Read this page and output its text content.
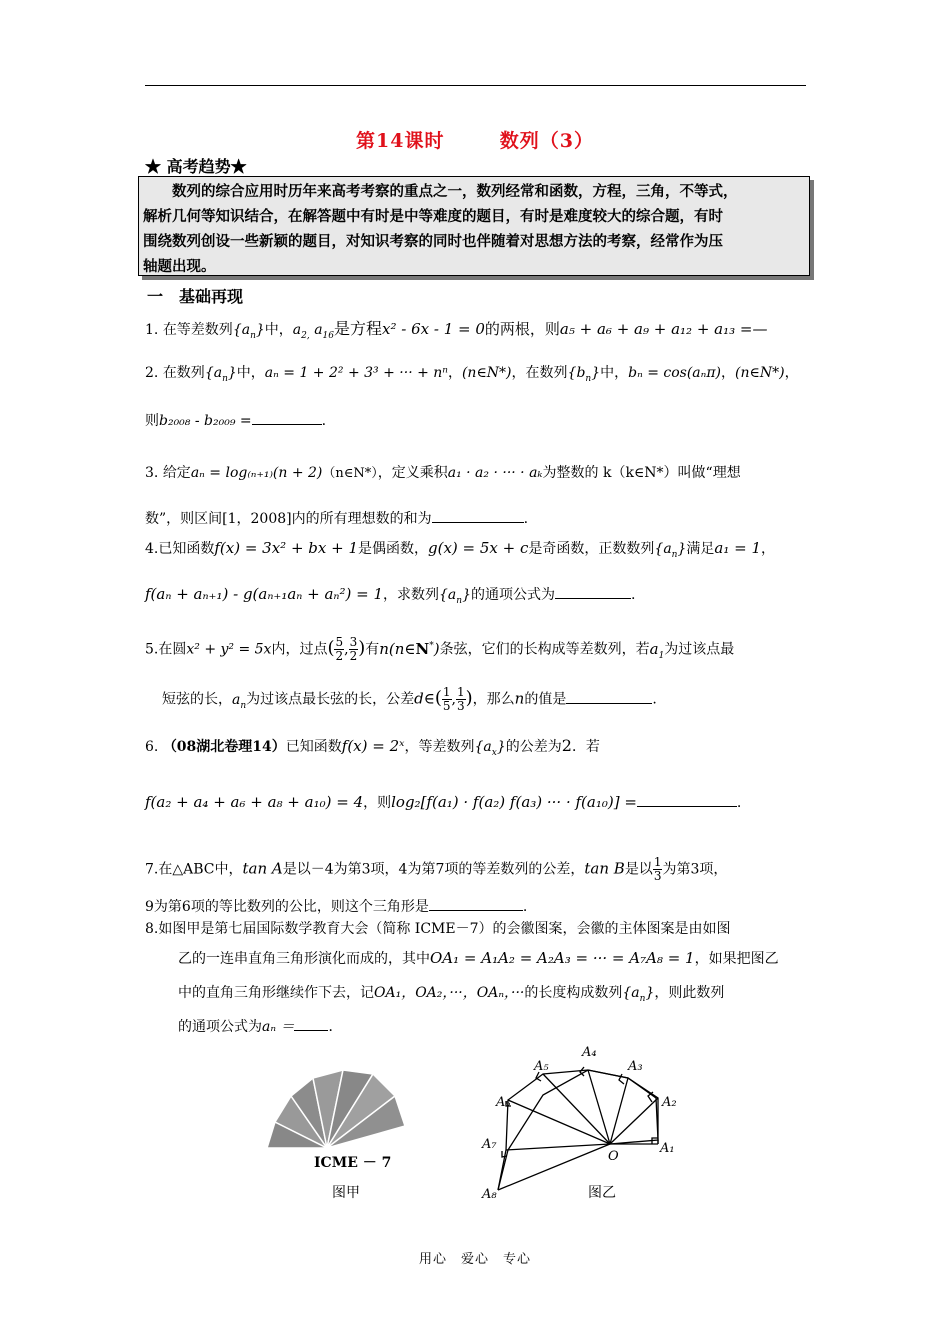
第14课时	数列（3）
★ 高考趋势★
　　数列的综合应用时历年来高考考察的重点之一，数列经常和函数，方程，三角，不等式，
解析几何等知识结合，在解答题中有时是中等难度的题目，有时是难度较大的综合题，有时
围绕数列创设一些新颖的题目，对知识考察的同时也伴随着对思想方法的考察，经常作为压
轴题出现。
一　基础再现
1. 在等差数列$\{a_n\}$中，$a_{2,}$ $a_{16}$是方程x² - 6x - 1 = 0的两根，则a₅ + a₆ + a₉ + a₁₂ + a₁₃ =—
2. 在数列$\{a_n\}$中，aₙ = 1 + 2² + 3³ + ··· + nⁿ，(n∈N*)，在数列$\{b_n\}$中，bₙ = cos(aₙπ)，(n∈N*)，
则b₂₀₀₈ - b₂₀₀₉ =	.
3. 给定aₙ = log₍ₙ₊₁₎(n + 2)（n∈N*），定义乘积a₁ · a₂ · ··· · aₖ为整数的 k（k∈N*）叫做“理想
数”，则区间[1，2008]内的所有理想数的和为	.
4.已知函数f(x) = 3x² + bx + 1是偶函数，g(x) = 5x + c是奇函数，正数数列$\{a_n\}$满足a₁ = 1，
f(aₙ + aₙ₊₁) - g(aₙ₊₁aₙ + aₙ²) = 1，求数列$\{a_n\}$的通项公式为	.
5.在圆x² + y² = 5x内，过点( $\frac{5}{2}$ , $\frac{3}{2}$ )有n(n∈N*)条弦，它们的长构成等差数列，若$a_1$为过该点最
短弦的长，$a_n$为过该点最长弦的长，公差d∈( $\frac{1}{5}$ , $\frac{1}{3}$ )，那么n的值是	.
6. （08湖北卷理14）已知函数f(x) = 2ˣ，等差数列$\{a_x\}$的公差为2．若
f(a₂ + a₄ + a₆ + a₈ + a₁₀) = 4，则log₂[f(a₁) · f(a₂) f(a₃) ··· · f(a₁₀)] =	.
7.在△ABC中，tan A是以－4为第3项，4为第7项的等差数列的公差，tan B是以 $\frac{1}{3}$ 为第3项，
9为第6项的等比数列的公比，则这个三角形是	.
8.如图甲是第七届国际数学教育大会（简称 ICME－7）的会徽图案，会徽的主体图案是由如图
乙的一连串直角三角形演化而成的，其中OA₁ = A₁A₂ = A₂A₃ = ··· = A₇A₈ = 1，如果把图乙
中的直角三角形继续作下去，记OA₁，OA₂，···，OAₙ，···的长度构成数列$\{a_n\}$，则此数列
的通项公式为aₙ ＝ ．
ICME － 7
图甲
A₁
A₂
A₃
A₄
A₅
A₆
A₇
A₈
O
图乙
用心　爱心　专心
